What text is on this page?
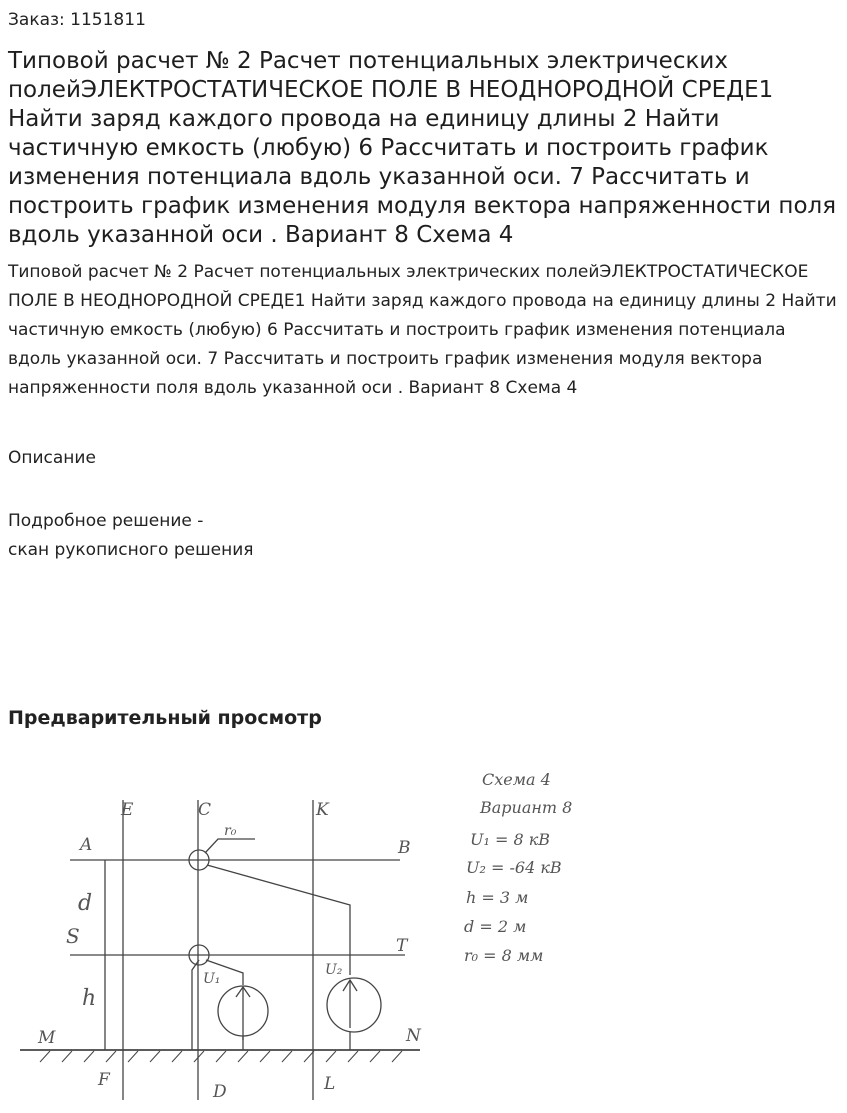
Заказ: 1151811
Типовой расчет № 2 Расчет потенциальных электрических полейЭЛЕКТРОСТАТИЧЕСКОЕ ПОЛЕ В НЕОДНОРОДНОЙ СРЕДЕ1 Найти заряд каждого провода на единицу длины 2 Найти частичную емкость (любую) 6 Рассчитать и построить график изменения потенциала вдоль указанной оси. 7 Рассчитать и построить график изменения модуля вектора напряженности поля вдоль указанной оси . Вариант 8 Схема 4

Типовой расчет № 2 Расчет потенциальных электрических полейЭЛЕКТРОСТАТИЧЕСКОЕ ПОЛЕ В НЕОДНОРОДНОЙ СРЕДЕ1 Найти заряд каждого провода на единицу длины 2 Найти частичную емкость (любую) 6 Рассчитать и построить график изменения потенциала вдоль указанной оси. 7 Рассчитать и построить график изменения модуля вектора напряженности поля вдоль указанной оси . Вариант 8 Схема 4

Описание
Подробное решение -
скан рукописного решения
Предварительный просмотр
A
E	C	K
B
T
M	N
F
D	L
r₀
d
S
h
U₁
U₂
Схема 4
Вариант 8
U₁ = 8 кВ
U₂ = -64 кВ
h = 3 м
d = 2 м
r₀ = 8 мм
